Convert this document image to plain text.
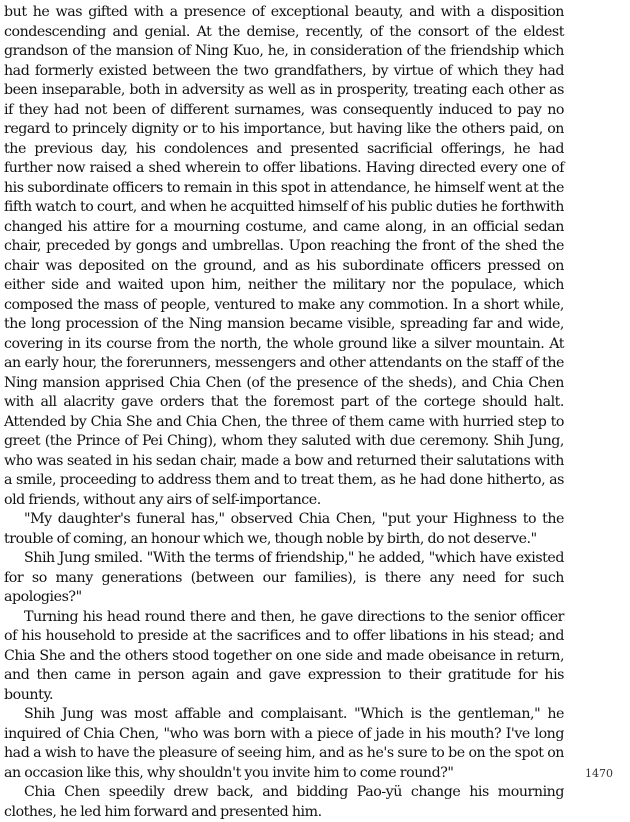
but he was gifted with a presence of exceptional beauty, and with a disposition condescending and genial. At the demise, recently, of the consort of the eldest grandson of the mansion of Ning Kuo, he, in consideration of the friendship which had formerly existed between the two grandfathers, by virtue of which they had been inseparable, both in adversity as well as in prosperity, treating each other as if they had not been of different surnames, was consequently induced to pay no regard to princely dignity or to his importance, but having like the others paid, on the previous day, his condolences and presented sacrificial offerings, he had further now raised a shed wherein to offer libations. Having directed every one of his subordinate officers to remain in this spot in attendance, he himself went at the fifth watch to court, and when he acquitted himself of his public duties he forthwith changed his attire for a mourning costume, and came along, in an official sedan chair, preceded by gongs and umbrellas. Upon reaching the front of the shed the chair was deposited on the ground, and as his subordinate officers pressed on either side and waited upon him, neither the military nor the populace, which composed the mass of people, ventured to make any commotion. In a short while, the long procession of the Ning mansion became visible, spreading far and wide, covering in its course from the north, the whole ground like a silver mountain. At an early hour, the forerunners, messengers and other attendants on the staff of the Ning mansion apprised Chia Chen (of the presence of the sheds), and Chia Chen with all alacrity gave orders that the foremost part of the cortege should halt. Attended by Chia She and Chia Chen, the three of them came with hurried step to greet (the Prince of Pei Ching), whom they saluted with due ceremony. Shih Jung, who was seated in his sedan chair, made a bow and returned their salutations with a smile, proceeding to address them and to treat them, as he had done hitherto, as old friends, without any airs of self-importance.

"My daughter's funeral has," observed Chia Chen, "put your Highness to the trouble of coming, an honour which we, though noble by birth, do not deserve."

Shih Jung smiled. "With the terms of friendship," he added, "which have existed for so many generations (between our families), is there any need for such apologies?"

Turning his head round there and then, he gave directions to the senior officer of his household to preside at the sacrifices and to offer libations in his stead; and Chia She and the others stood together on one side and made obeisance in return, and then came in person again and gave expression to their gratitude for his bounty.

Shih Jung was most affable and complaisant. "Which is the gentleman," he inquired of Chia Chen, "who was born with a piece of jade in his mouth? I've long had a wish to have the pleasure of seeing him, and as he's sure to be on the spot on an occasion like this, why shouldn't you invite him to come round?"

Chia Chen speedily drew back, and bidding Pao-yü change his mourning clothes, he led him forward and presented him.

1470
